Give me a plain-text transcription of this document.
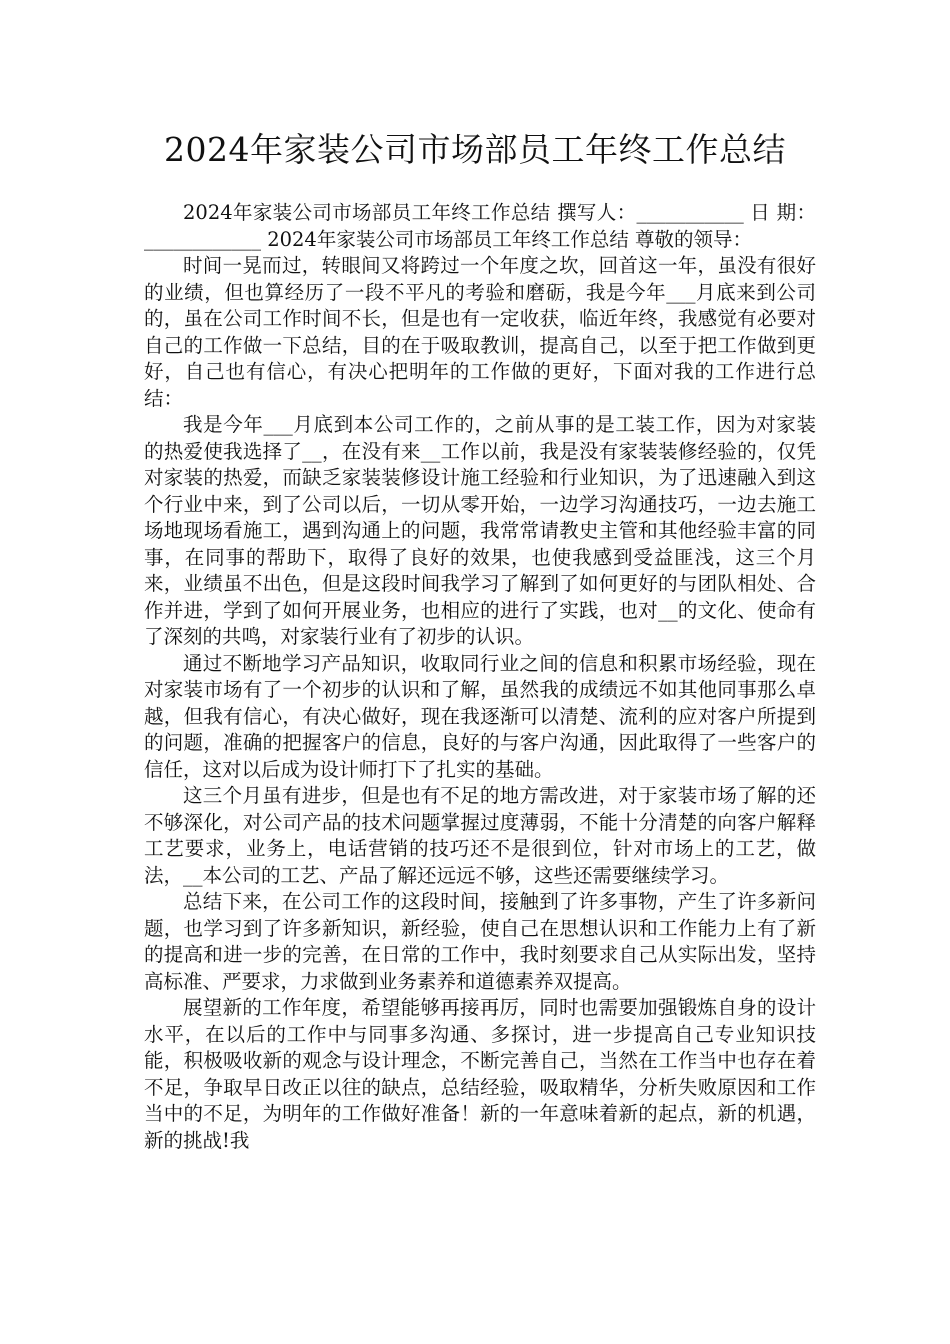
2024年家装公司市场部员工年终工作总结

2024年家装公司市场部员工年终工作总结 撰写人：___________ 日 期：____________ 2024年家装公司市场部员工年终工作总结 尊敬的领导：

时间一晃而过，转眼间又将跨过一个年度之坎，回首这一年，虽没有很好的业绩，但也算经历了一段不平凡的考验和磨砺，我是今年___月底来到公司的，虽在公司工作时间不长，但是也有一定收获，临近年终，我感觉有必要对自己的工作做一下总结，目的在于吸取教训，提高自己，以至于把工作做到更好，自己也有信心，有决心把明年的工作做的更好，下面对我的工作进行总结：

我是今年___月底到本公司工作的，之前从事的是工装工作，因为对家装的热爱使我选择了__，在没有来__工作以前，我是没有家装装修经验的，仅凭对家装的热爱，而缺乏家装装修设计施工经验和行业知识，为了迅速融入到这个行业中来，到了公司以后，一切从零开始，一边学习沟通技巧，一边去施工场地现场看施工，遇到沟通上的问题，我常常请教史主管和其他经验丰富的同事，在同事的帮助下，取得了良好的效果，也使我感到受益匪浅，这三个月来，业绩虽不出色，但是这段时间我学习了解到了如何更好的与团队相处、合作并进，学到了如何开展业务，也相应的进行了实践，也对__的文化、使命有了深刻的共鸣，对家装行业有了初步的认识。

通过不断地学习产品知识，收取同行业之间的信息和积累市场经验，现在对家装市场有了一个初步的认识和了解，虽然我的成绩远不如其他同事那么卓越，但我有信心，有决心做好，现在我逐渐可以清楚、流利的应对客户所提到的问题，准确的把握客户的信息，良好的与客户沟通，因此取得了一些客户的信任，这对以后成为设计师打下了扎实的基础。

这三个月虽有进步，但是也有不足的地方需改进，对于家装市场了解的还不够深化，对公司产品的技术问题掌握过度薄弱，不能十分清楚的向客户解释工艺要求，业务上，电话营销的技巧还不是很到位，针对市场上的工艺，做法，__本公司的工艺、产品了解还远远不够，这些还需要继续学习。

总结下来，在公司工作的这段时间，接触到了许多事物，产生了许多新问题，也学习到了许多新知识，新经验，使自己在思想认识和工作能力上有了新的提高和进一步的完善，在日常的工作中，我时刻要求自己从实际出发，坚持高标准、严要求，力求做到业务素养和道德素养双提高。

展望新的工作年度，希望能够再接再厉，同时也需要加强锻炼自身的设计水平，在以后的工作中与同事多沟通、多探讨，进一步提高自己专业知识技能，积极吸收新的观念与设计理念，不断完善自己，当然在工作当中也存在着不足，争取早日改正以往的缺点，总结经验，吸取精华，分析失败原因和工作当中的不足，为明年的工作做好准备！新的一年意味着新的起点，新的机遇，新的挑战!我
